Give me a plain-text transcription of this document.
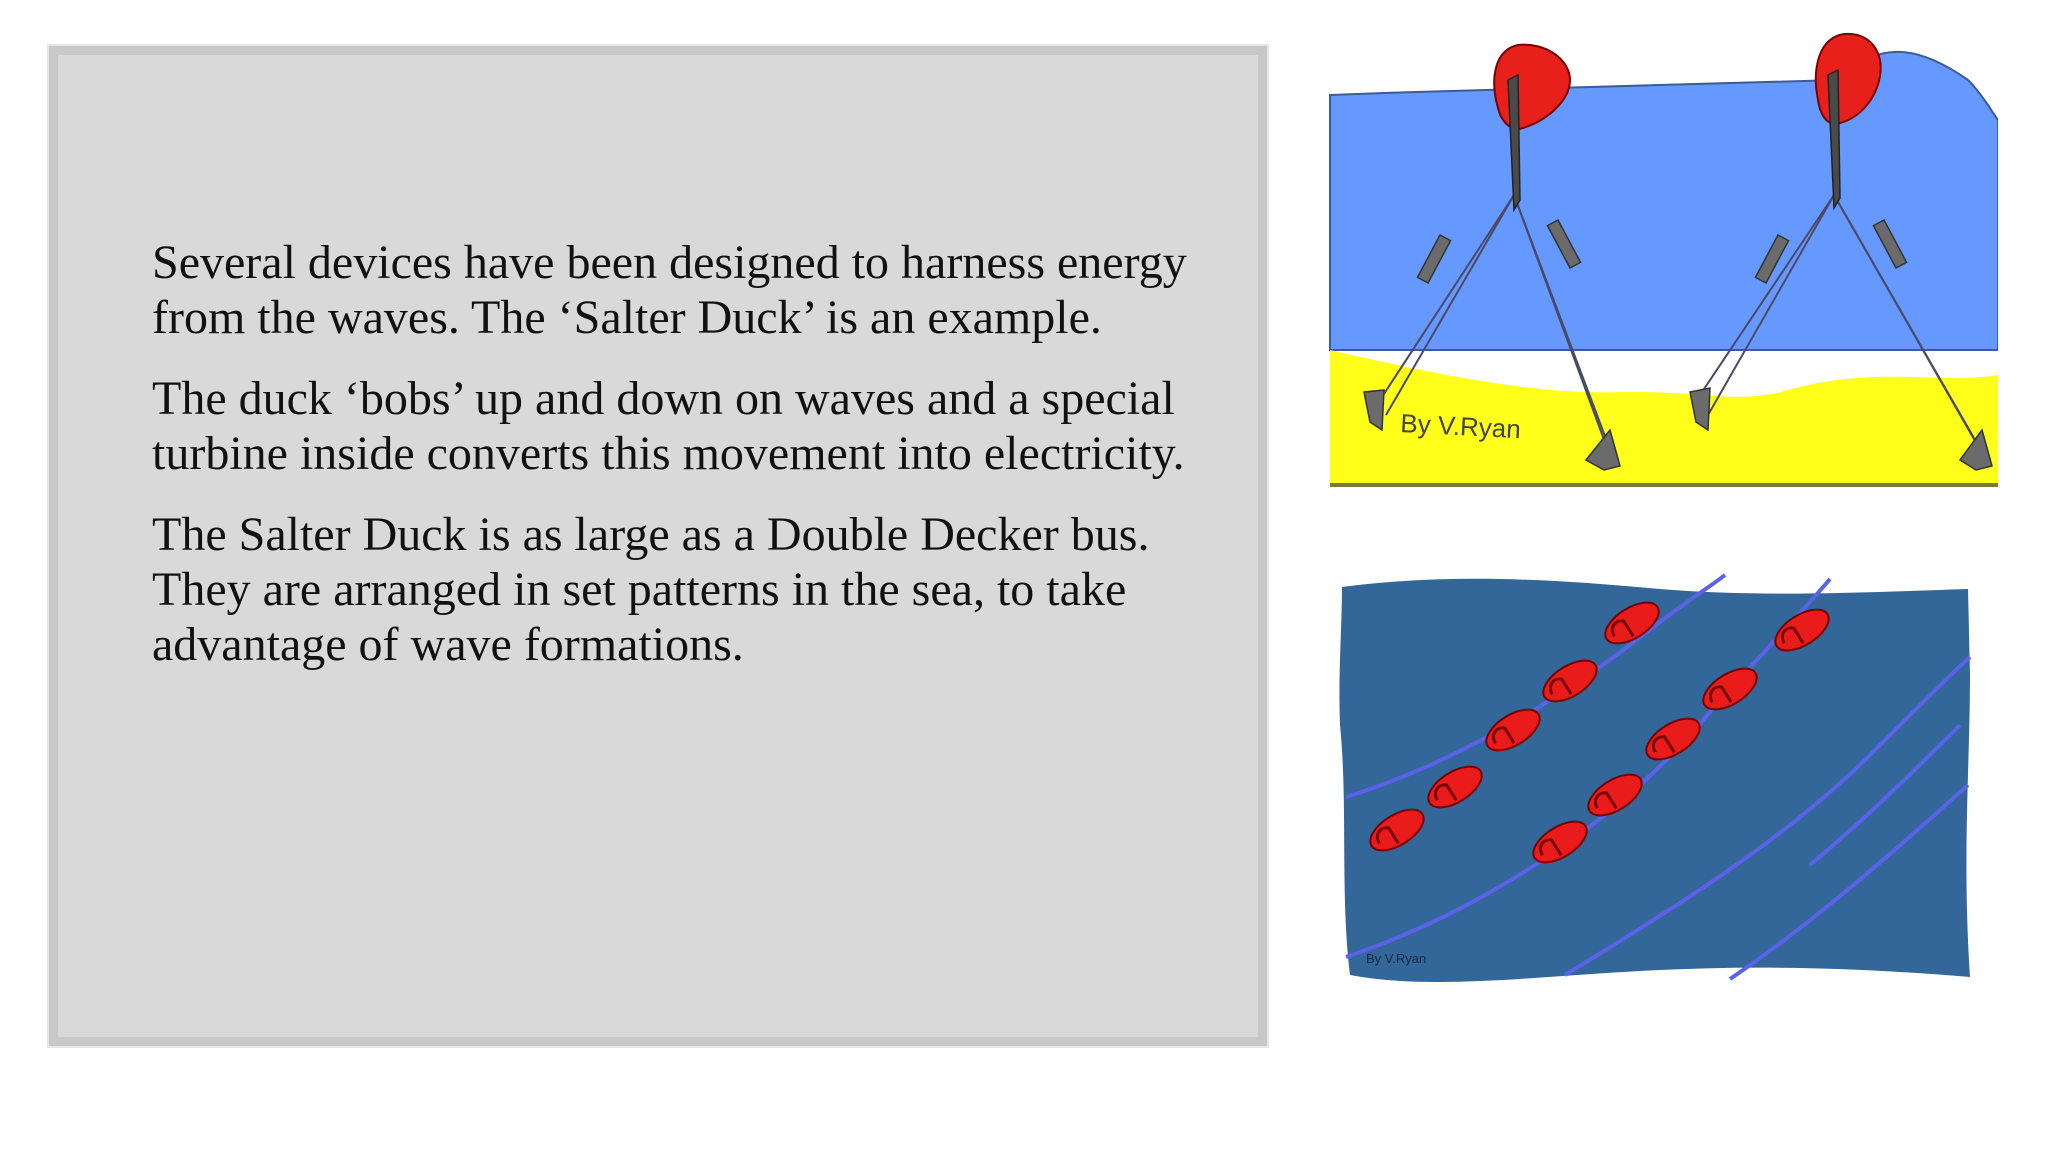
Several devices have been designed to harness energy from the waves. The ‘Salter Duck’ is an example.

The duck ‘bobs’ up and down on waves and a special turbine inside converts this movement into electricity.

The Salter Duck is as large as a Double Decker bus. They are arranged in set patterns in the sea, to take advantage of wave formations.

By V.Ryan
By V.Ryan
